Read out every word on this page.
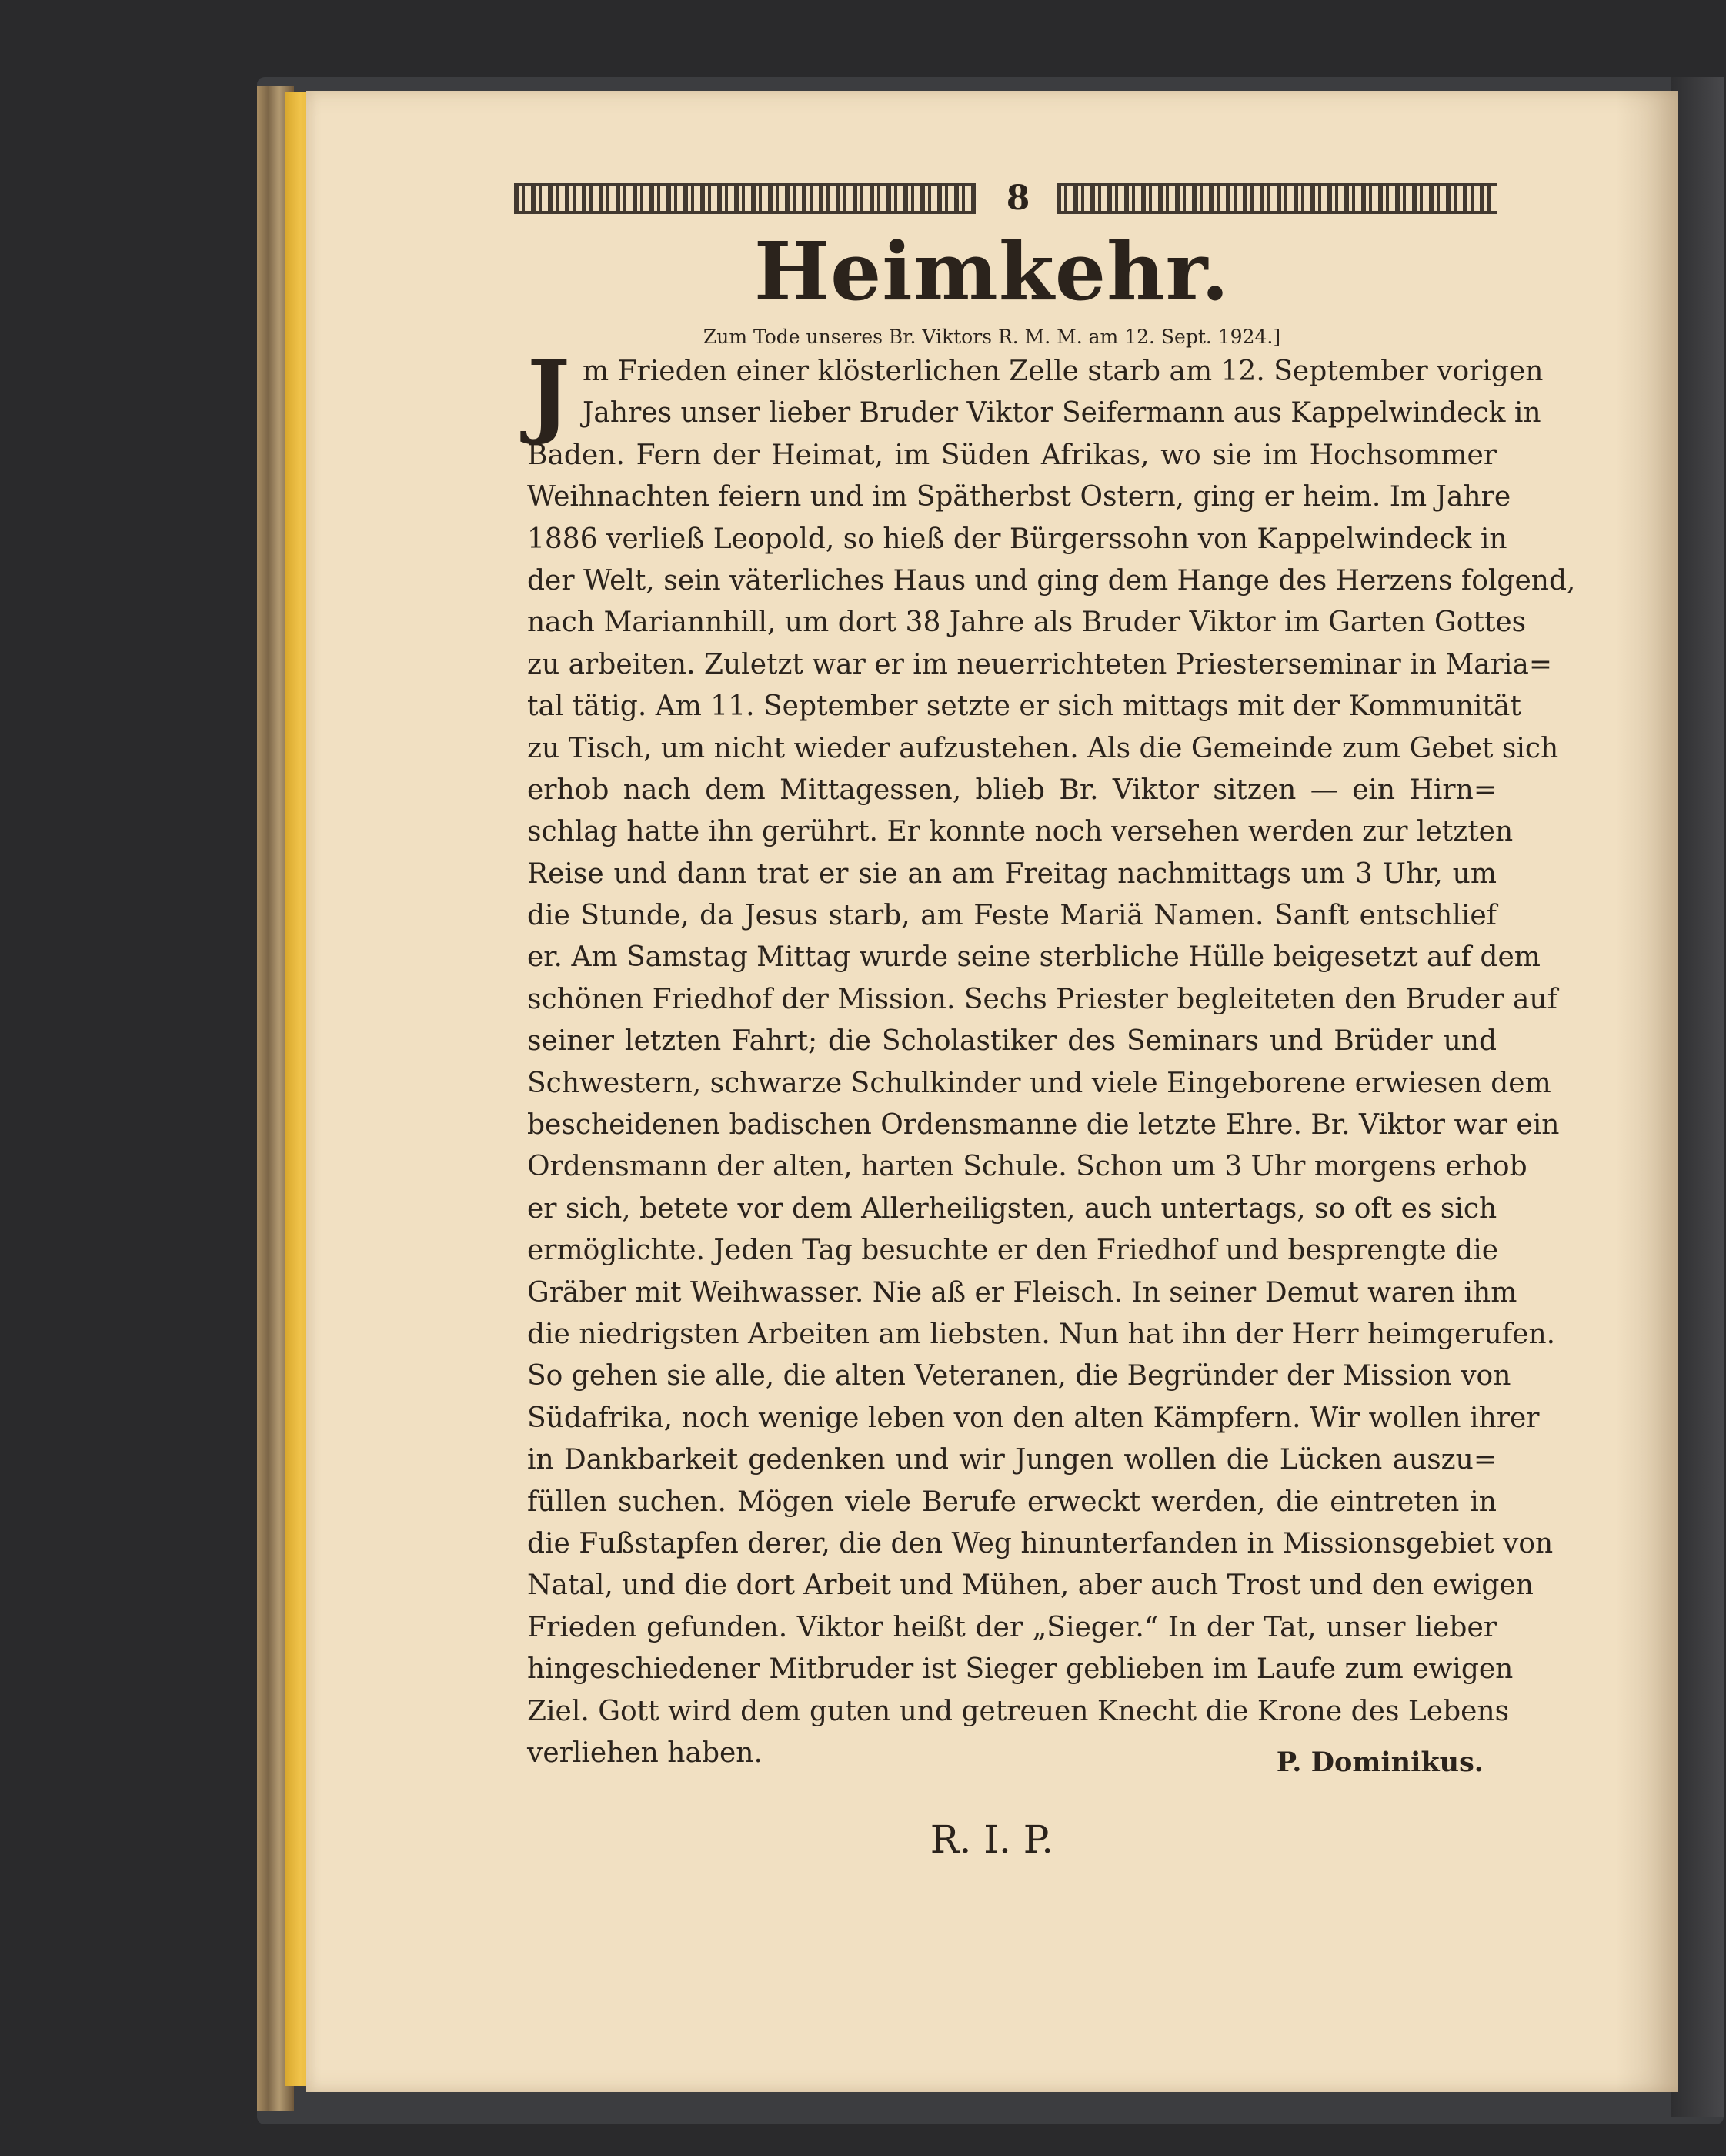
8
Heimkehr.
Zum Tode unseres Br. Viktors R. M. M. am 12. Sept. 1924.]
J m Frieden einer klösterlichen Zelle starb am 12. September vorigen
Jahres unser lieber Bruder Viktor Seifermann aus Kappelwindeck in
Baden. Fern der Heimat, im Süden Afrikas, wo sie im Hochsommer
Weihnachten feiern und im Spätherbst Ostern, ging er heim. Im Jahre
1886 verließ Leopold, so hieß der Bürgerssohn von Kappelwindeck in
der Welt, sein väterliches Haus und ging dem Hange des Herzens folgend,
nach Mariannhill, um dort 38 Jahre als Bruder Viktor im Garten Gottes
zu arbeiten. Zuletzt war er im neuerrichteten Priesterseminar in Maria=
tal tätig. Am 11. September setzte er sich mittags mit der Kommunität
zu Tisch, um nicht wieder aufzustehen. Als die Gemeinde zum Gebet sich
erhob nach dem Mittagessen, blieb Br. Viktor sitzen — ein Hirn=
schlag hatte ihn gerührt. Er konnte noch versehen werden zur letzten
Reise und dann trat er sie an am Freitag nachmittags um 3 Uhr, um
die Stunde, da Jesus starb, am Feste Mariä Namen. Sanft entschlief
er. Am Samstag Mittag wurde seine sterbliche Hülle beigesetzt auf dem
schönen Friedhof der Mission. Sechs Priester begleiteten den Bruder auf
seiner letzten Fahrt; die Scholastiker des Seminars und Brüder und
Schwestern, schwarze Schulkinder und viele Eingeborene erwiesen dem
bescheidenen badischen Ordensmanne die letzte Ehre. Br. Viktor war ein
Ordensmann der alten, harten Schule. Schon um 3 Uhr morgens erhob
er sich, betete vor dem Allerheiligsten, auch untertags, so oft es sich
ermöglichte. Jeden Tag besuchte er den Friedhof und besprengte die
Gräber mit Weihwasser. Nie aß er Fleisch. In seiner Demut waren ihm
die niedrigsten Arbeiten am liebsten. Nun hat ihn der Herr heimgerufen.
So gehen sie alle, die alten Veteranen, die Begründer der Mission von
Südafrika, noch wenige leben von den alten Kämpfern. Wir wollen ihrer
in Dankbarkeit gedenken und wir Jungen wollen die Lücken auszu=
füllen suchen. Mögen viele Berufe erweckt werden, die eintreten in
die Fußstapfen derer, die den Weg hinunterfanden in Missionsgebiet von
Natal, und die dort Arbeit und Mühen, aber auch Trost und den ewigen
Frieden gefunden. Viktor heißt der „Sieger.“ In der Tat, unser lieber
hingeschiedener Mitbruder ist Sieger geblieben im Laufe zum ewigen
Ziel. Gott wird dem guten und getreuen Knecht die Krone des Lebens
verliehen haben.	P. Dominikus.
R. I. P.
